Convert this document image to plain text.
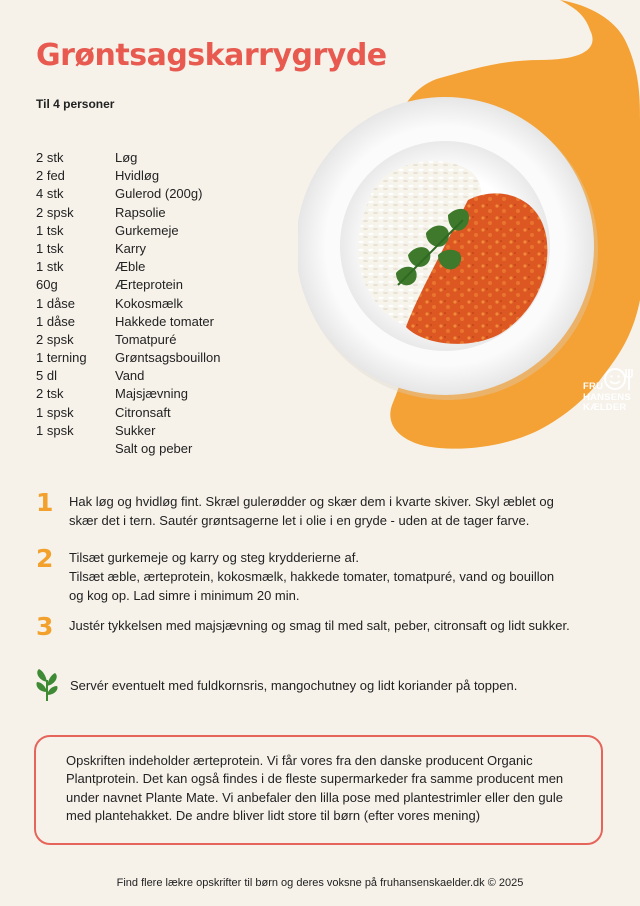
Grøntsagskarrygryde
Til 4 personer
2 stk	Løg
2 fed	Hvidløg
4 stk	Gulerod (200g)
2 spsk	Rapsolie
1 tsk	Gurkemeje
1 tsk	Karry
1 stk	Æble
60g	Ærteprotein
1 dåse	Kokosmælk
1 dåse	Hakkede tomater
2 spsk	Tomatpuré
1 terning	Grøntsagsbouillon
5 dl	Vand
2 tsk	Majsjævning
1 spsk	Citronsaft
1 spsk	Sukker
Salt og peber
FRU
HANSENS
KÆLDER
1 Hak løg og hvidløg fint. Skræl gulerødder og skær dem i kvarte skiver. Skyl æblet og
skær det i tern. Sautér grøntsagerne let i olie i en gryde - uden at de tager farve.
2 Tilsæt gurkemeje og karry og steg krydderierne af.
Tilsæt æble, ærteprotein, kokosmælk, hakkede tomater, tomatpuré, vand og bouillon
og kog op. Lad simre i minimum 20 min.
3 Justér tykkelsen med majsjævning og smag til med salt, peber, citronsaft og lidt sukker.
Servér eventuelt med fuldkornsris, mangochutney og lidt koriander på toppen.
Opskriften indeholder ærteprotein. Vi får vores fra den danske producent Organic
Plantprotein. Det kan også findes i de fleste supermarkeder fra samme producent men
under navnet Plante Mate. Vi anbefaler den lilla pose med plantestrimler eller den gule
med plantehakket. De andre bliver lidt store til børn (efter vores mening)
Find flere lækre opskrifter til børn og deres voksne på fruhansenskaelder.dk © 2025
